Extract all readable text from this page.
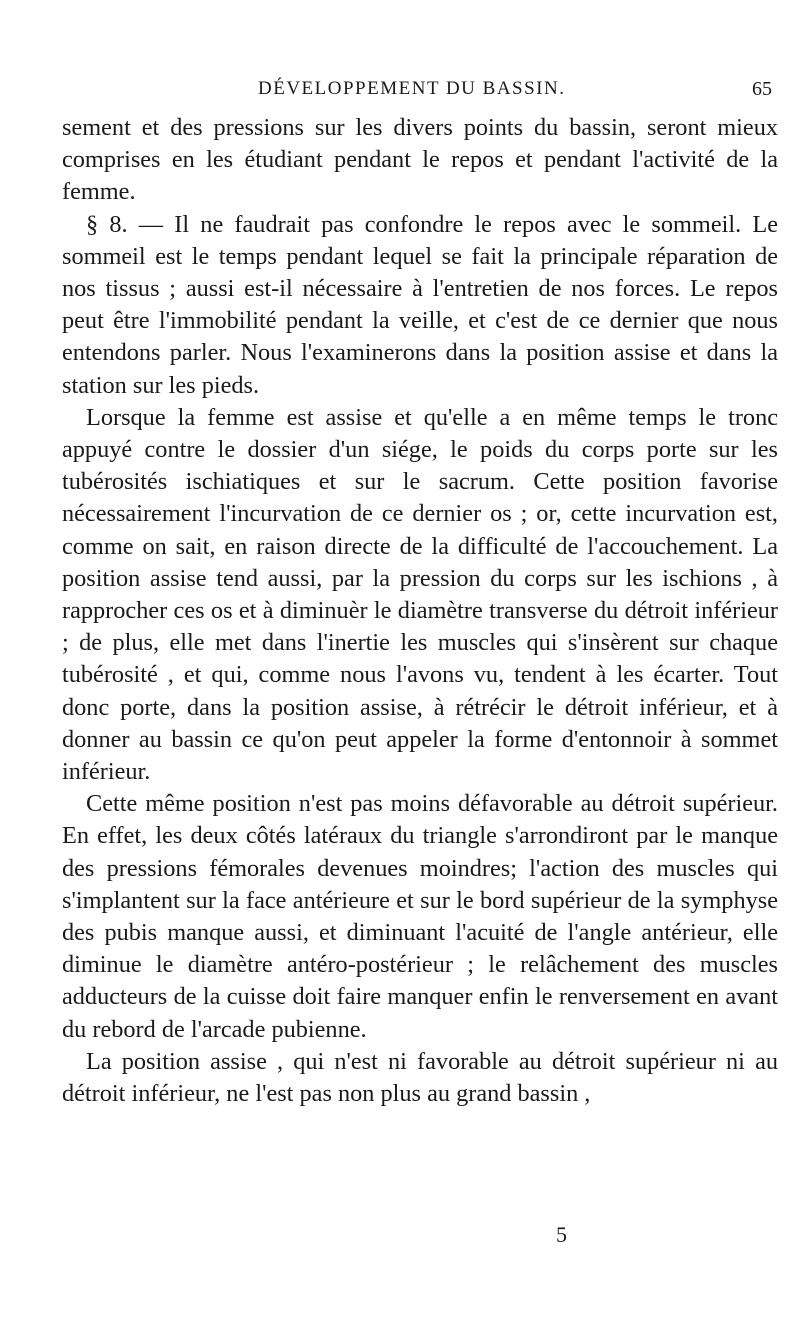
DÉVELOPPEMENT DU BASSIN.	65

sement et des pressions sur les divers points du bassin, seront mieux comprises en les étudiant pendant le repos et pendant l'activité de la femme.

§ 8. — Il ne faudrait pas confondre le repos avec le sommeil. Le sommeil est le temps pendant lequel se fait la principale réparation de nos tissus ; aussi est-il nécessaire à l'entretien de nos forces. Le repos peut être l'immobilité pendant la veille, et c'est de ce dernier que nous entendons parler. Nous l'examinerons dans la position assise et dans la station sur les pieds.

Lorsque la femme est assise et qu'elle a en même temps le tronc appuyé contre le dossier d'un siége, le poids du corps porte sur les tubérosités ischiatiques et sur le sacrum. Cette position favorise nécessairement l'incurvation de ce dernier os ; or, cette incurvation est, comme on sait, en raison directe de la difficulté de l'accouchement. La position assise tend aussi, par la pression du corps sur les ischions , à rapprocher ces os et à diminuèr le diamètre transverse du détroit inférieur ; de plus, elle met dans l'inertie les muscles qui s'insèrent sur chaque tubérosité , et qui, comme nous l'avons vu, tendent à les écarter. Tout donc porte, dans la position assise, à rétrécir le détroit inférieur, et à donner au bassin ce qu'on peut appeler la forme d'entonnoir à sommet inférieur.

Cette même position n'est pas moins défavorable au détroit supérieur. En effet, les deux côtés latéraux du triangle s'arrondiront par le manque des pressions fémorales devenues moindres; l'action des muscles qui s'implantent sur la face antérieure et sur le bord supérieur de la symphyse des pubis manque aussi, et diminuant l'acuité de l'angle antérieur, elle diminue le diamètre antéro-postérieur ; le relâchement des muscles adducteurs de la cuisse doit faire manquer enfin le renversement en avant du rebord de l'arcade pubienne.

La position assise , qui n'est ni favorable au détroit supérieur ni au détroit inférieur, ne l'est pas non plus au grand bassin ,

5
